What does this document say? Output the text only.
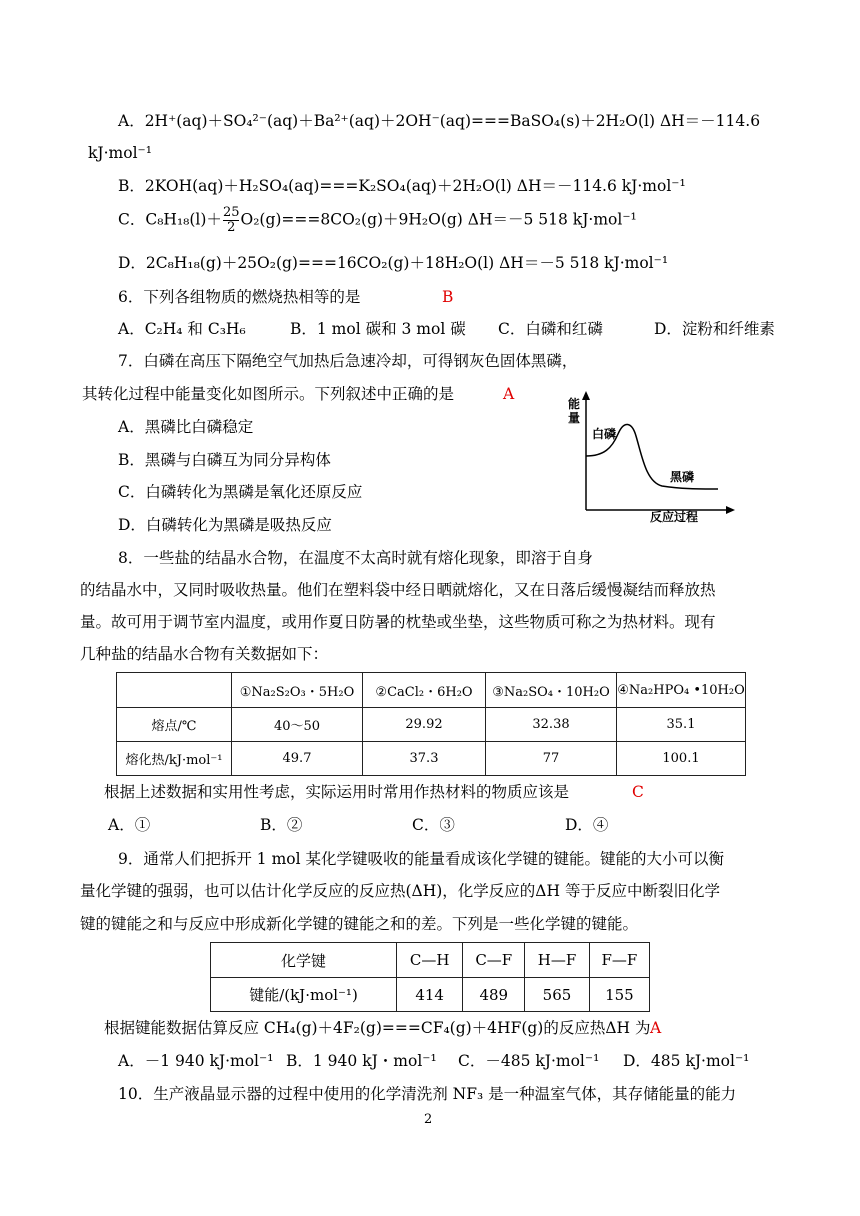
A．2H⁺(aq)＋SO₄²⁻(aq)＋Ba²⁺(aq)＋2OH⁻(aq)===BaSO₄(s)＋2H₂O(l) ΔH＝－114.6
kJ·mol⁻¹
B．2KOH(aq)＋H₂SO₄(aq)===K₂SO₄(aq)＋2H₂O(l) ΔH＝－114.6 kJ·mol⁻¹
C．$C_8H_{18}(l)+ \frac{25}{2} O_2(g)===8CO_2(g)+9H_2O(g)$ ΔH＝－5 518 kJ·mol⁻¹
D．2C₈H₁₈(g)＋25O₂(g)===16CO₂(g)＋18H₂O(l) ΔH＝－5 518 kJ·mol⁻¹
6．下列各组物质的燃烧热相等的是	B
A．C₂H₄ 和 C₃H₆	B．1 mol 碳和 3 mol 碳 C．白磷和红磷	D．淀粉和纤维素
7．白磷在高压下隔绝空气加热后急速冷却，可得钢灰色固体黑磷，
其转化过程中能量变化如图所示。下列叙述中正确的是	A
A．黑磷比白磷稳定
B．黑磷与白磷互为同分异构体
C．白磷转化为黑磷是氧化还原反应
D．白磷转化为黑磷是吸热反应
能
量
白磷
黑磷
反应过程
8．一些盐的结晶水合物，在温度不太高时就有熔化现象，即溶于自身
的结晶水中，又同时吸收热量。他们在塑料袋中经日晒就熔化，又在日落后缓慢凝结而释放热
量。故可用于调节室内温度，或用作夏日防暑的枕垫或坐垫，这些物质可称之为热材料。现有
几种盐的结晶水合物有关数据如下：
	①Na₂S₂O₃・5H₂O	②CaCl₂・6H₂O	③Na₂SO₄・10H₂O	④Na₂HPO₄ •10H₂O
熔点/℃	40～50	29.92	32.38	35.1
熔化热/kJ·mol⁻¹	49.7	37.3	77	100.1
根据上述数据和实用性考虑，实际运用时常用作热材料的物质应该是	C
A．①	B．②	C．③	D．④
9．通常人们把拆开 1 mol 某化学键吸收的能量看成该化学键的键能。键能的大小可以衡
量化学键的强弱，也可以估计化学反应的反应热(ΔH)，化学反应的ΔH 等于反应中断裂旧化学
键的键能之和与反应中形成新化学键的键能之和的差。下列是一些化学键的键能。
化学键	C—H	C—F	H—F	F—F
键能/(kJ·mol⁻¹)	414	489	565	155
根据键能数据估算反应 CH₄(g)＋4F₂(g)===CF₄(g)＋4HF(g)的反应热ΔH 为 A
A．－1 940 kJ·mol⁻¹ B．1 940 kJ・mol⁻¹ C．－485 kJ·mol⁻¹ D．485 kJ·mol⁻¹
10．生产液晶显示器的过程中使用的化学清洗剂 NF₃ 是一种温室气体，其存储能量的能力
2
